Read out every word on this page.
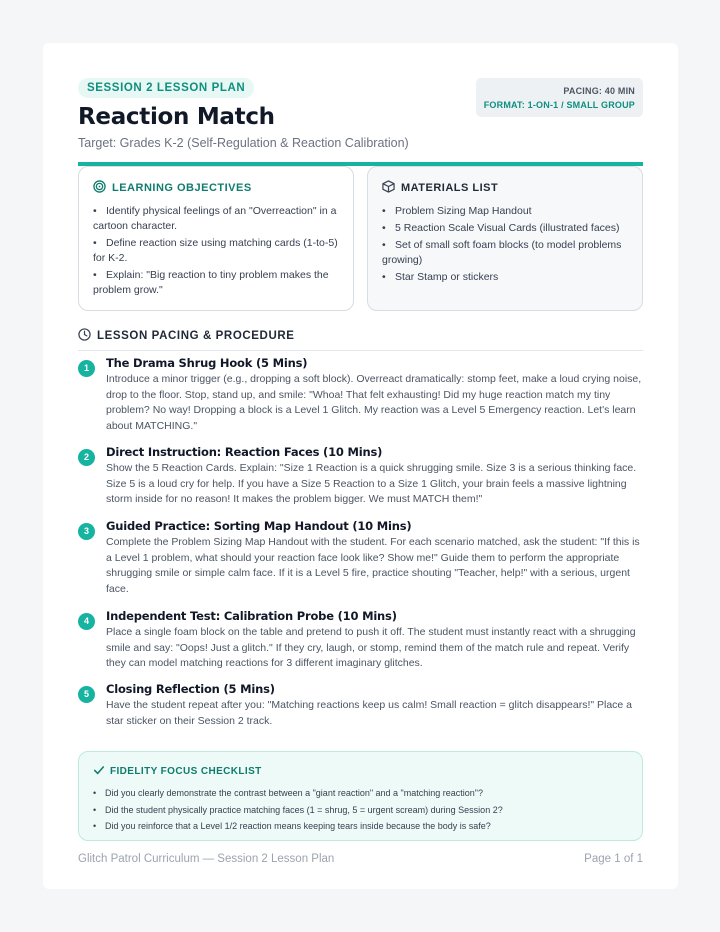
SESSION 2 LESSON PLAN
Reaction Match
Target: Grades K-2 (Self-Regulation & Reaction Calibration)
PACING: 40 MIN
FORMAT: 1-ON-1 / SMALL GROUP
LEARNING OBJECTIVES
• Identify physical feelings of an "Overreaction" in a cartoon character.
• Define reaction size using matching cards (1-to-5) for K-2.
• Explain: "Big reaction to tiny problem makes the problem grow."
MATERIALS LIST
• Problem Sizing Map Handout
• 5 Reaction Scale Visual Cards (illustrated faces)
• Set of small soft foam blocks (to model problems growing)
• Star Stamp or stickers
LESSON PACING & PROCEDURE
1	The Drama Shrug Hook (5 Mins)
Introduce a minor trigger (e.g., dropping a soft block). Overreact dramatically: stomp feet, make a loud crying noise, drop to the floor. Stop, stand up, and smile: "Whoa! That felt exhausting! Did my huge reaction match my tiny problem? No way! Dropping a block is a Level 1 Glitch. My reaction was a Level 5 Emergency reaction. Let's learn about MATCHING."
2	Direct Instruction: Reaction Faces (10 Mins)
Show the 5 Reaction Cards. Explain: "Size 1 Reaction is a quick shrugging smile. Size 3 is a serious thinking face. Size 5 is a loud cry for help. If you have a Size 5 Reaction to a Size 1 Glitch, your brain feels a massive lightning storm inside for no reason! It makes the problem bigger. We must MATCH them!"
3	Guided Practice: Sorting Map Handout (10 Mins)
Complete the Problem Sizing Map Handout with the student. For each scenario matched, ask the student: "If this is a Level 1 problem, what should your reaction face look like? Show me!" Guide them to perform the appropriate shrugging smile or simple calm face. If it is a Level 5 fire, practice shouting "Teacher, help!" with a serious, urgent face.
4	Independent Test: Calibration Probe (10 Mins)
Place a single foam block on the table and pretend to push it off. The student must instantly react with a shrugging smile and say: "Oops! Just a glitch." If they cry, laugh, or stomp, remind them of the match rule and repeat. Verify they can model matching reactions for 3 different imaginary glitches.
5	Closing Reflection (5 Mins)
Have the student repeat after you: "Matching reactions keep us calm! Small reaction = glitch disappears!" Place a star sticker on their Session 2 track.
FIDELITY FOCUS CHECKLIST
• Did you clearly demonstrate the contrast between a "giant reaction" and a "matching reaction"?
• Did the student physically practice matching faces (1 = shrug, 5 = urgent scream) during Session 2?
• Did you reinforce that a Level 1/2 reaction means keeping tears inside because the body is safe?
Glitch Patrol Curriculum — Session 2 Lesson Plan	Page 1 of 1
